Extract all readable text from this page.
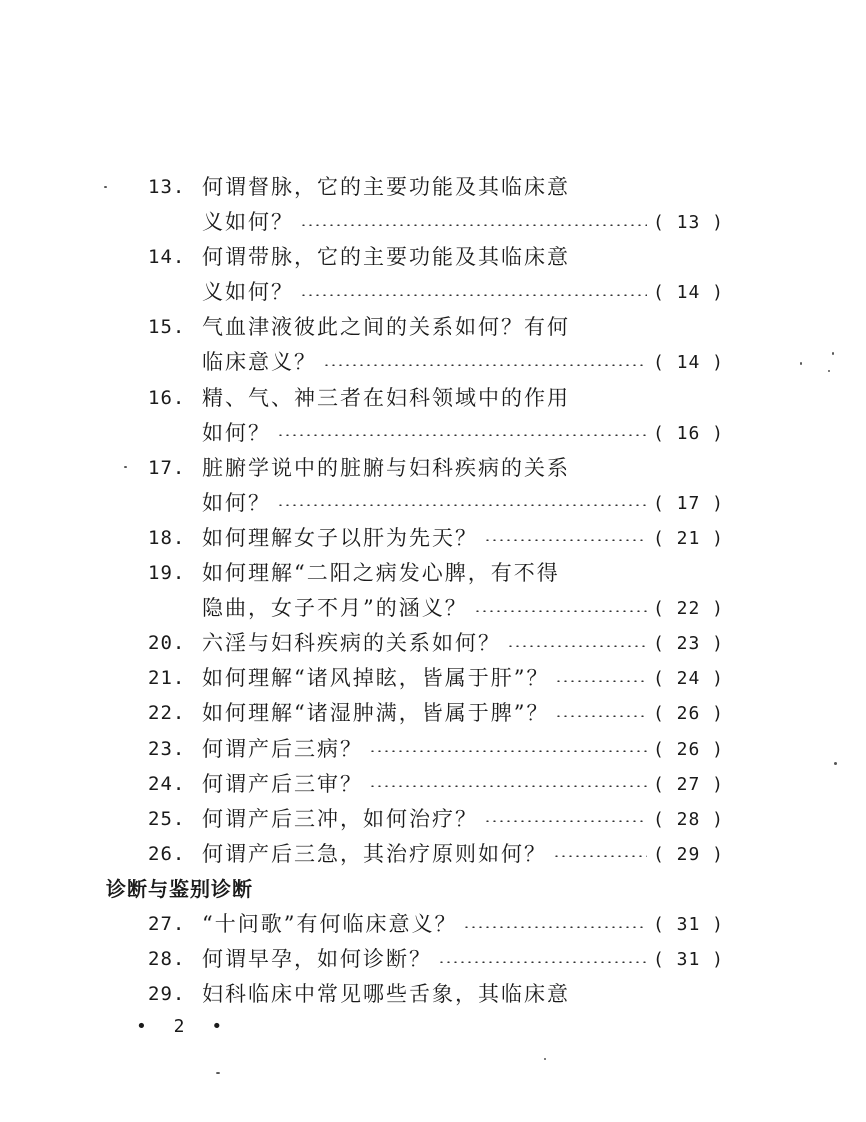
13. 何谓督脉，它的主要功能及其临床意
义如何？	( 13 )
14. 何谓带脉，它的主要功能及其临床意
义如何？	( 14 )
15. 气血津液彼此之间的关系如何？有何
临床意义？	( 14 )
16. 精、气、神三者在妇科领域中的作用
如何？	( 16 )
17. 脏腑学说中的脏腑与妇科疾病的关系
如何？	( 17 )
18. 如何理解女子以肝为先天？	( 21 )
19. 如何理解“二阳之病发心脾，有不得
隐曲，女子不月”的涵义？	( 22 )
20. 六淫与妇科疾病的关系如何？	( 23 )
21. 如何理解“诸风掉眩，皆属于肝”？	( 24 )
22. 如何理解“诸湿肿满，皆属于脾”？	( 26 )
23. 何谓产后三病？	( 26 )
24. 何谓产后三审？	( 27 )
25. 何谓产后三冲，如何治疗？	( 28 )
26. 何谓产后三急，其治疗原则如何？	( 29 )
诊断与鉴别诊断
27. “十问歌”有何临床意义？	( 31 )
28. 何谓早孕，如何诊断？	( 31 )
29. 妇科临床中常见哪些舌象，其临床意
• 2 •
